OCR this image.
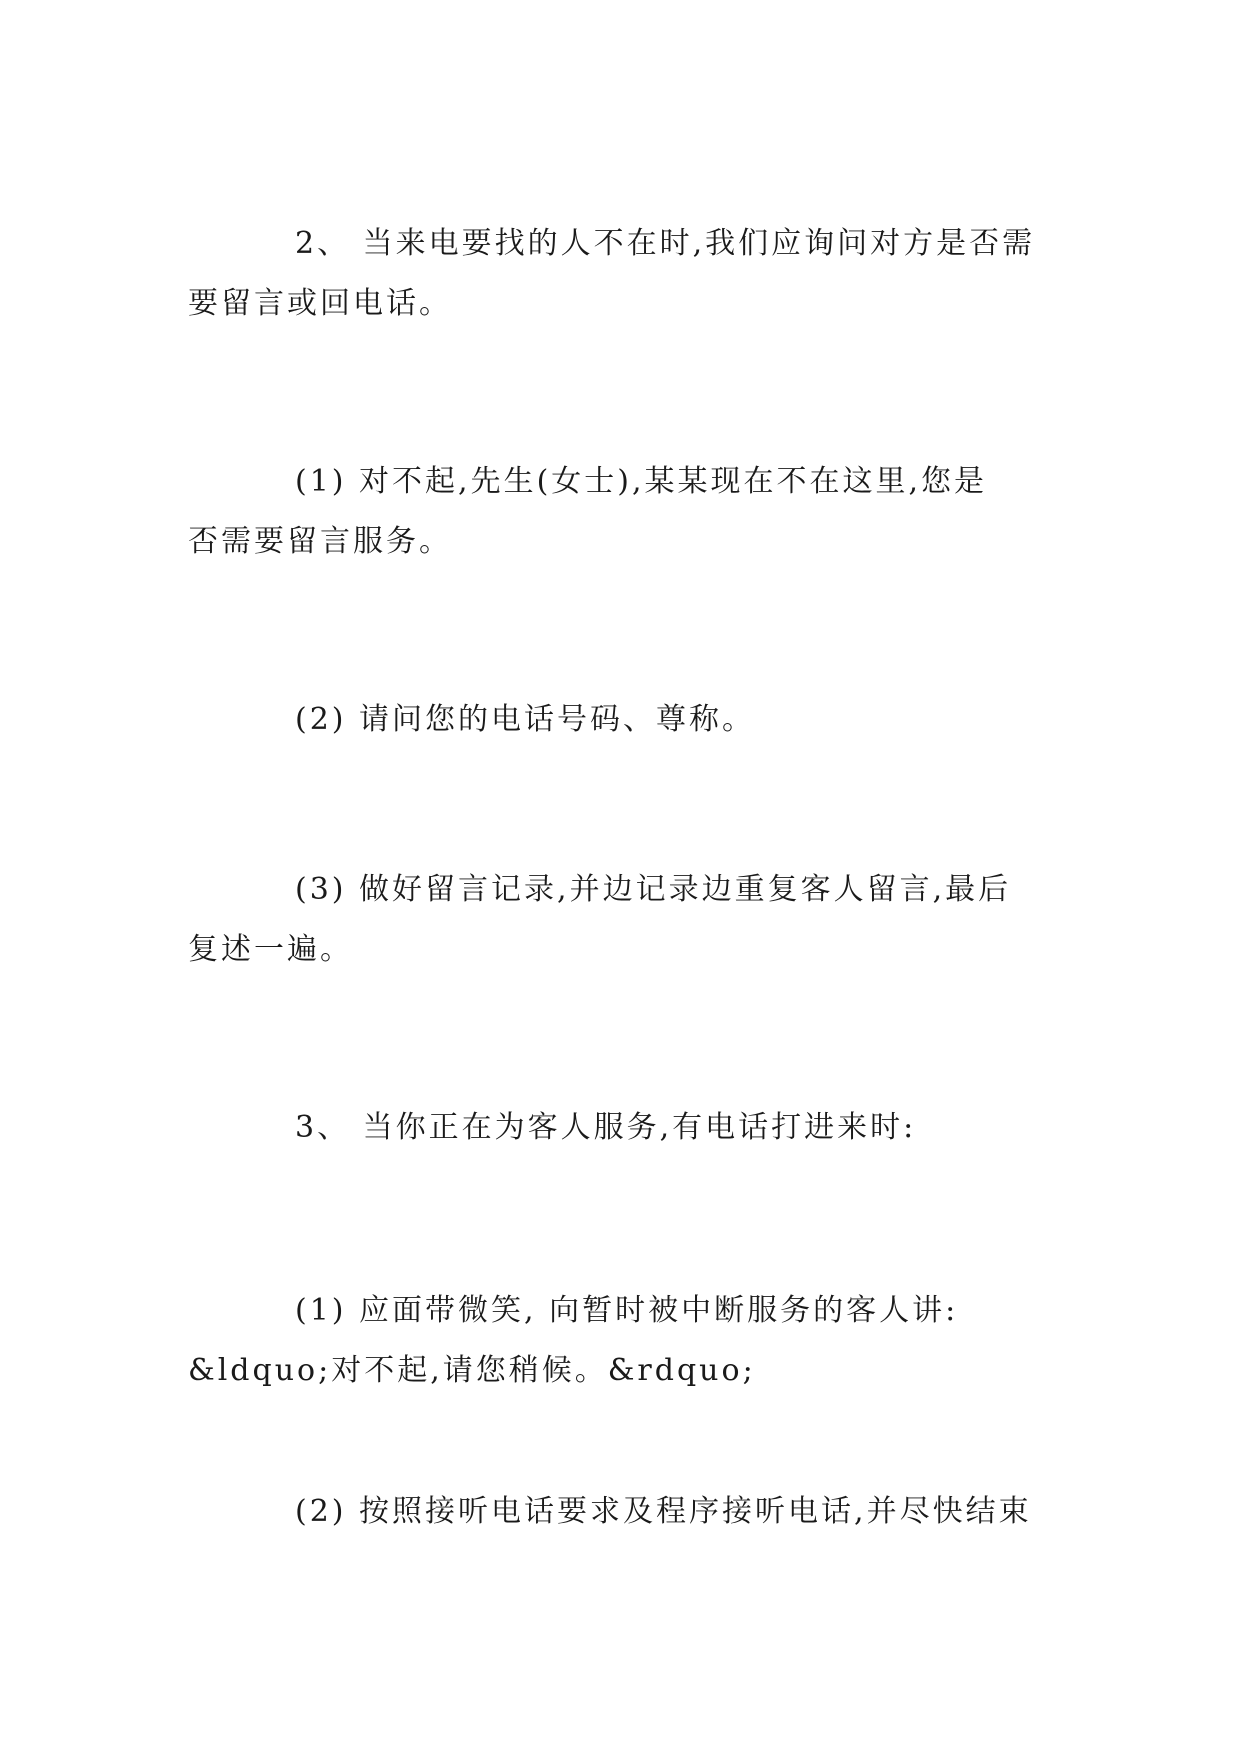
2、 当来电要找的人不在时,我们应询问对方是否需
要留言或回电话。

(1) 对不起,先生(女士),某某现在不在这里,您是
否需要留言服务。

(2) 请问您的电话号码、尊称。

(3) 做好留言记录,并边记录边重复客人留言,最后
复述一遍。

3、 当你正在为客人服务,有电话打进来时:

(1) 应面带微笑, 向暂时被中断服务的客人讲:
&ldquo;对不起,请您稍候。&rdquo;

(2) 按照接听电话要求及程序接听电话,并尽快结束
